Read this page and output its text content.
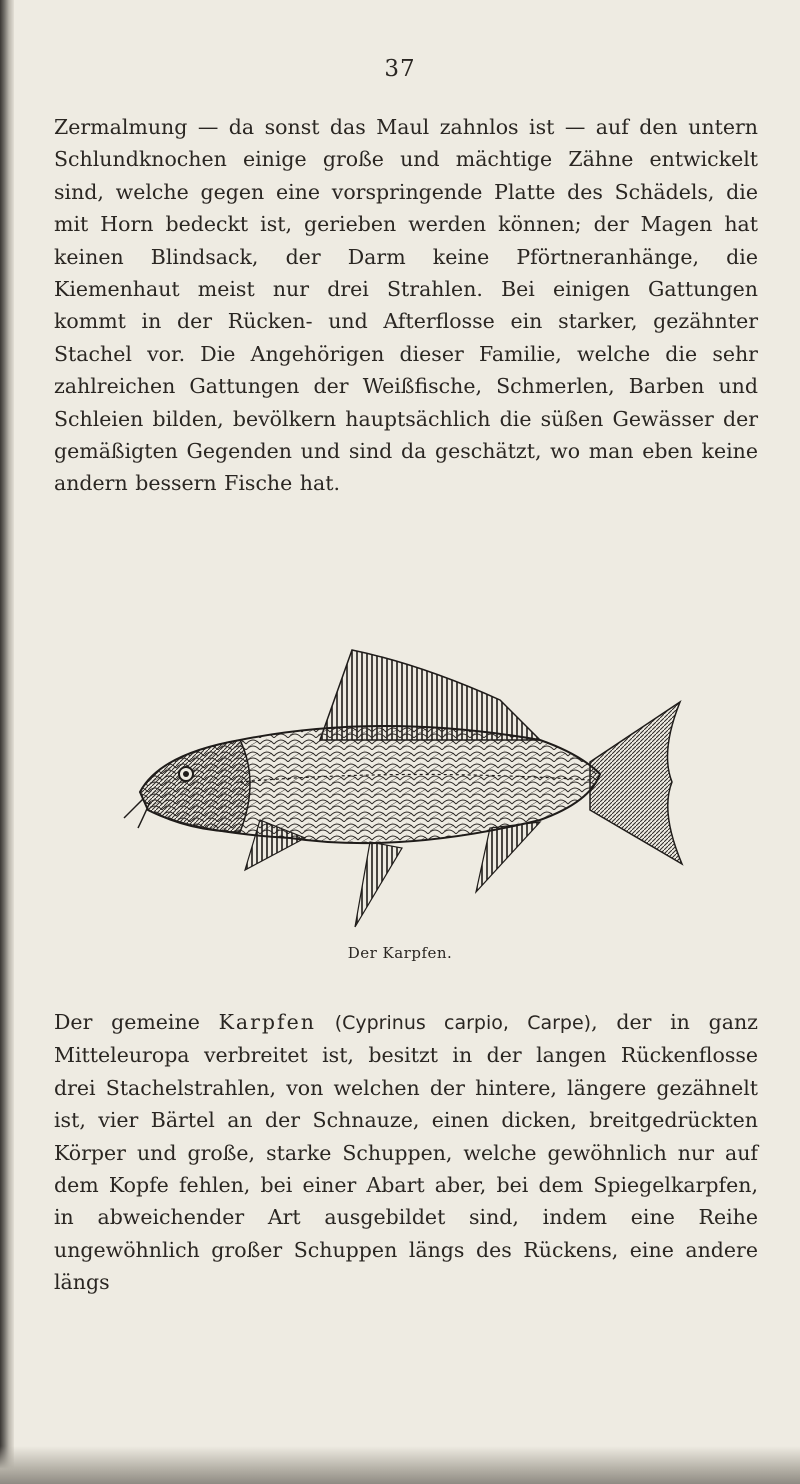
37

Zermalmung — da sonst das Maul zahnlos ist — auf den untern Schlundknochen einige große und mächtige Zähne entwickelt sind, welche gegen eine vorspringende Platte des Schädels, die mit Horn bedeckt ist, gerieben werden können; der Magen hat keinen Blindsack, der Darm keine Pförtneranhänge, die Kiemenhaut meist nur drei Strahlen. Bei einigen Gattungen kommt in der Rücken- und Afterflosse ein starker, gezähnter Stachel vor. Die Angehörigen dieser Familie, welche die sehr zahlreichen Gattungen der Weißfische, Schmerlen, Barben und Schleien bilden, bevölkern hauptsächlich die süßen Gewässer der gemäßigten Gegenden und sind da geschätzt, wo man eben keine andern bessern Fische hat.

Der Karpfen.

Der gemeine Karpfen (Cyprinus carpio, Carpe), der in ganz Mitteleuropa verbreitet ist, besitzt in der langen Rückenflosse drei Stachelstrahlen, von welchen der hintere, längere gezähnelt ist, vier Bärtel an der Schnauze, einen dicken, breitgedrückten Körper und große, starke Schuppen, welche gewöhnlich nur auf dem Kopfe fehlen, bei einer Abart aber, bei dem Spiegelkarpfen, in abweichender Art ausgebildet sind, indem eine Reihe ungewöhnlich großer Schuppen längs des Rückens, eine andere längs
